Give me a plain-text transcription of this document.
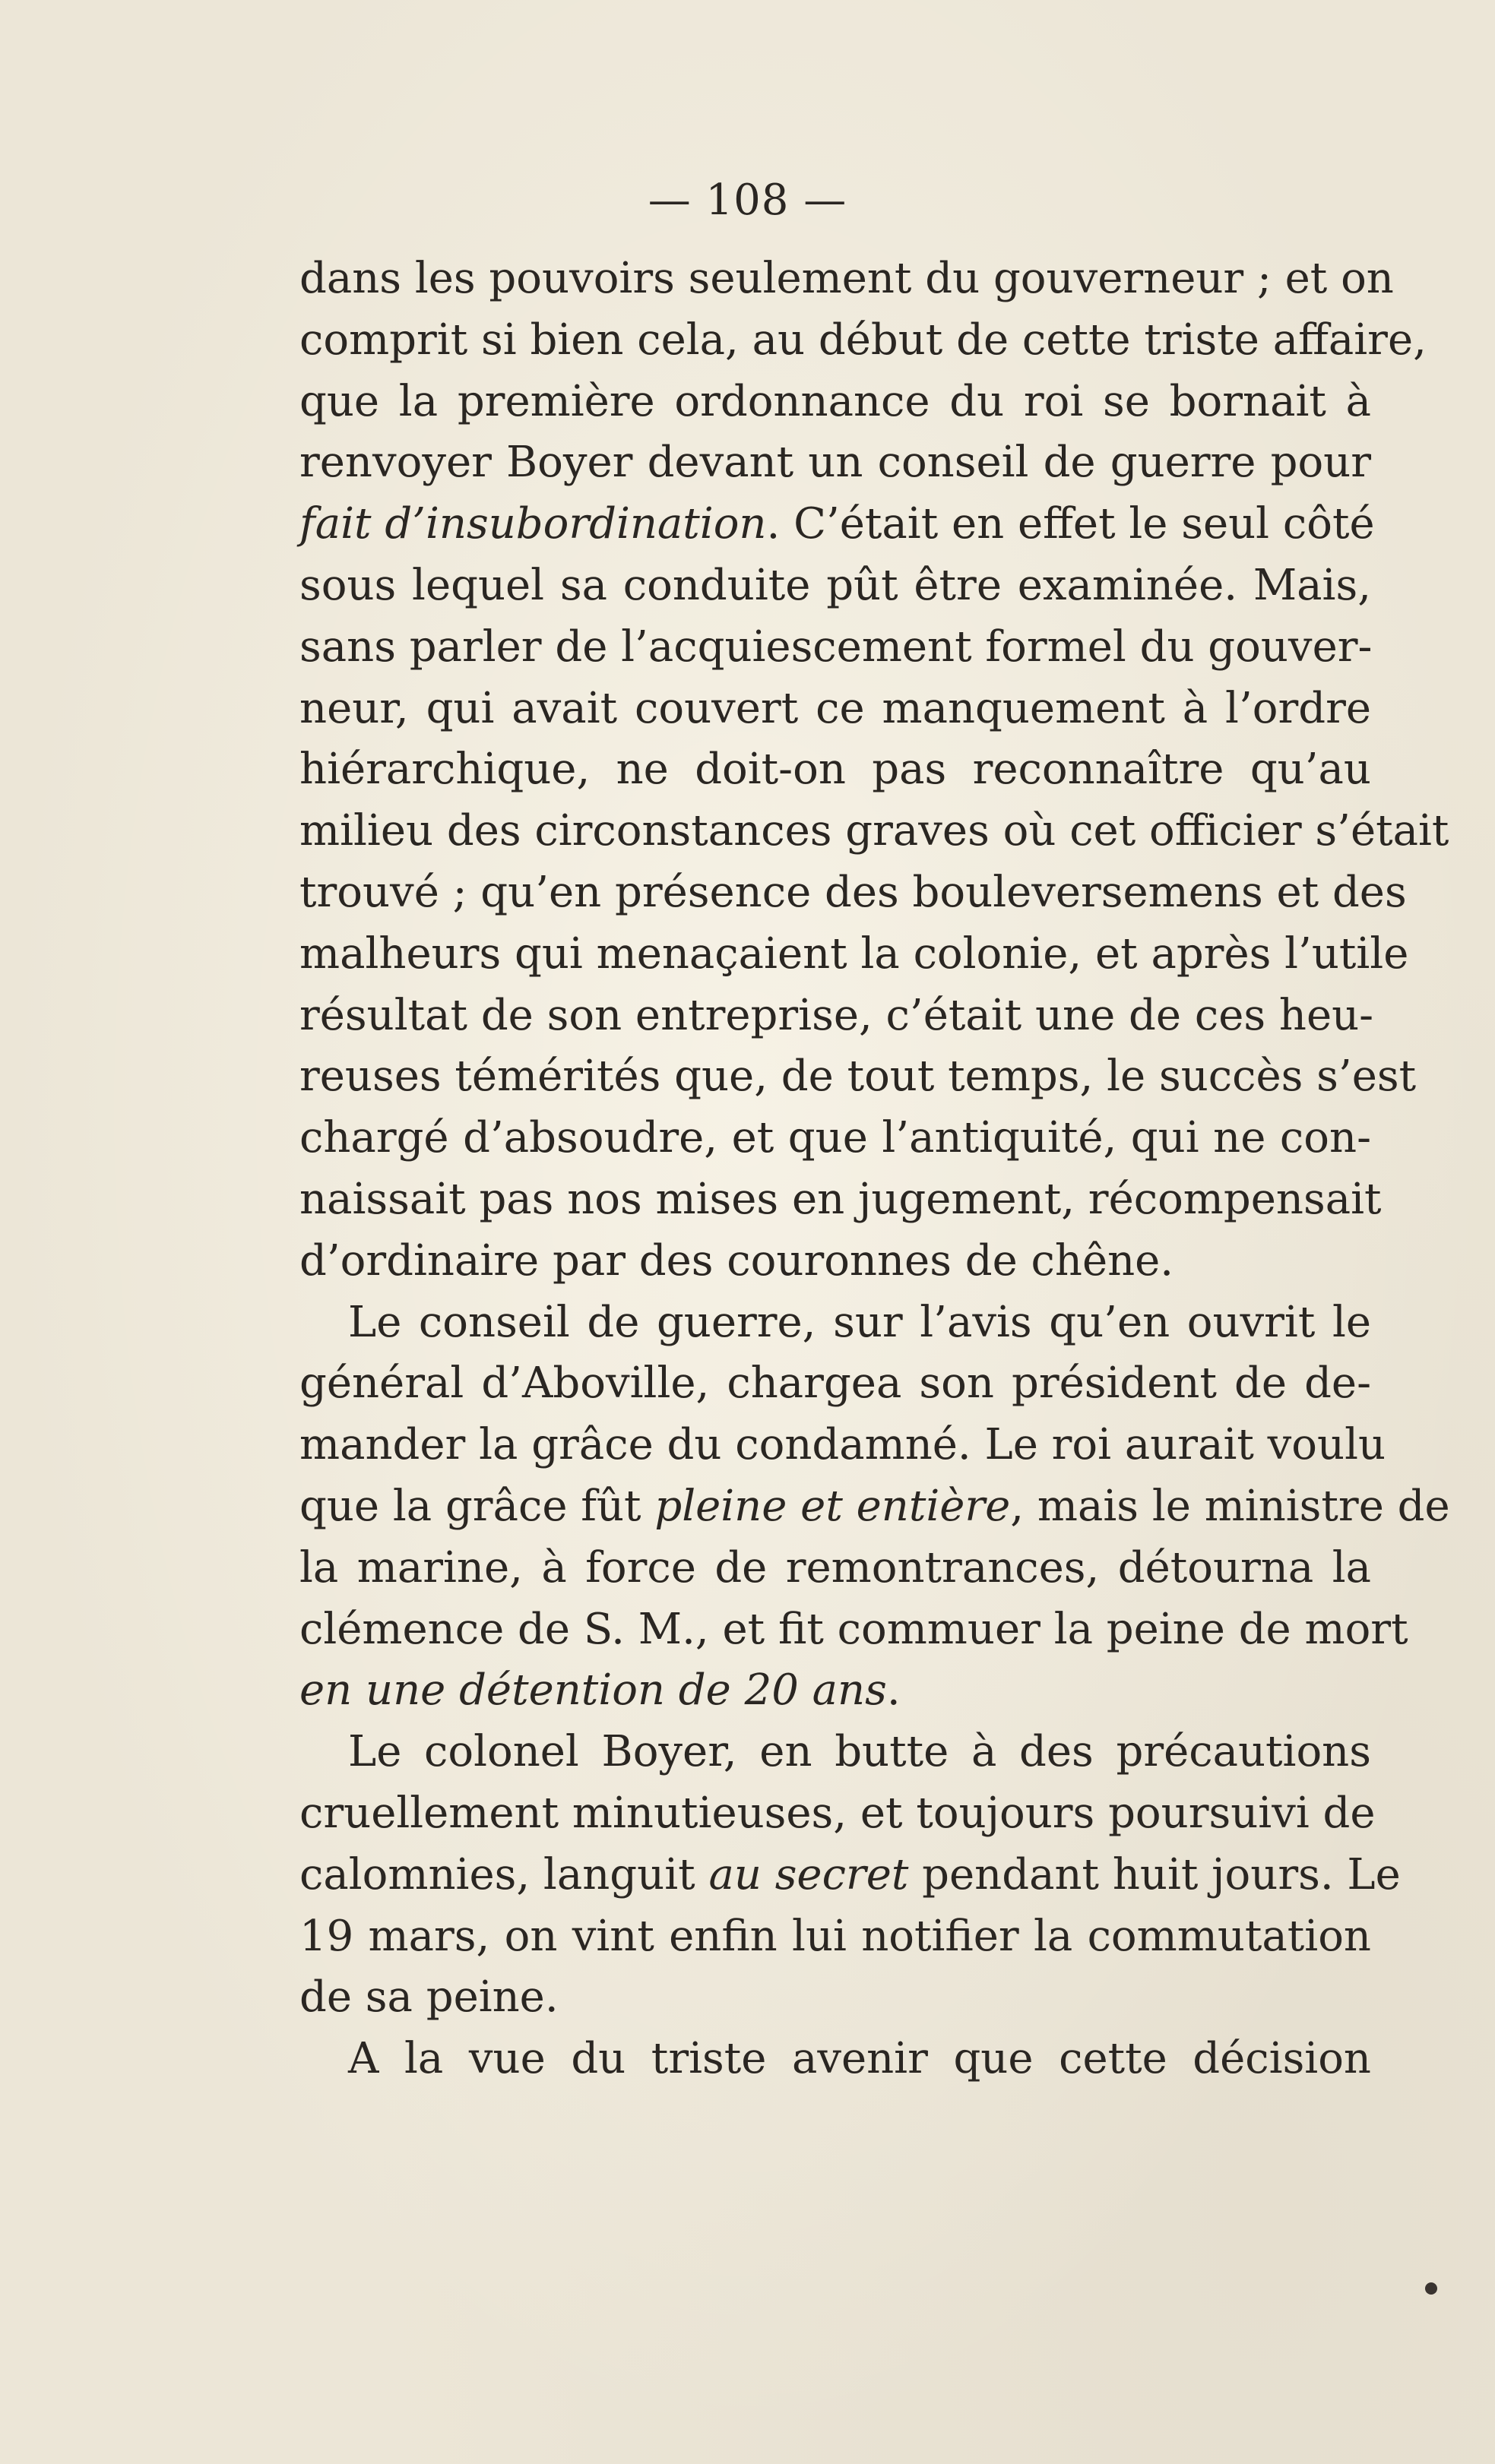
— 108 —
dans les pouvoirs seulement du gouverneur ; et on
comprit si bien cela, au début de cette triste affaire,
que la première ordonnance du roi se bornait à
renvoyer Boyer devant un conseil de guerre pour
fait d’insubordination. C’était en effet le seul côté
sous lequel sa conduite pût être examinée. Mais,
sans parler de l’acquiescement formel du gouver-
neur, qui avait couvert ce manquement à l’ordre
hiérarchique, ne doit-on pas reconnaître qu’au
milieu des circonstances graves où cet officier s’était
trouvé ; qu’en présence des bouleversemens et des
malheurs qui menaçaient la colonie, et après l’utile
résultat de son entreprise, c’était une de ces heu-
reuses témérités que, de tout temps, le succès s’est
chargé d’absoudre, et que l’antiquité, qui ne con-
naissait pas nos mises en jugement, récompensait
d’ordinaire par des couronnes de chêne.
Le conseil de guerre, sur l’avis qu’en ouvrit le
général d’Aboville, chargea son président de de-
mander la grâce du condamné. Le roi aurait voulu
que la grâce fût pleine et entière, mais le ministre de
la marine, à force de remontrances, détourna la
clémence de S. M., et fit commuer la peine de mort
en une détention de 20 ans.
Le colonel Boyer, en butte à des précautions
cruellement minutieuses, et toujours poursuivi de
calomnies, languit au secret pendant huit jours. Le
19 mars, on vint enfin lui notifier la commutation
de sa peine.
A la vue du triste avenir que cette décision
